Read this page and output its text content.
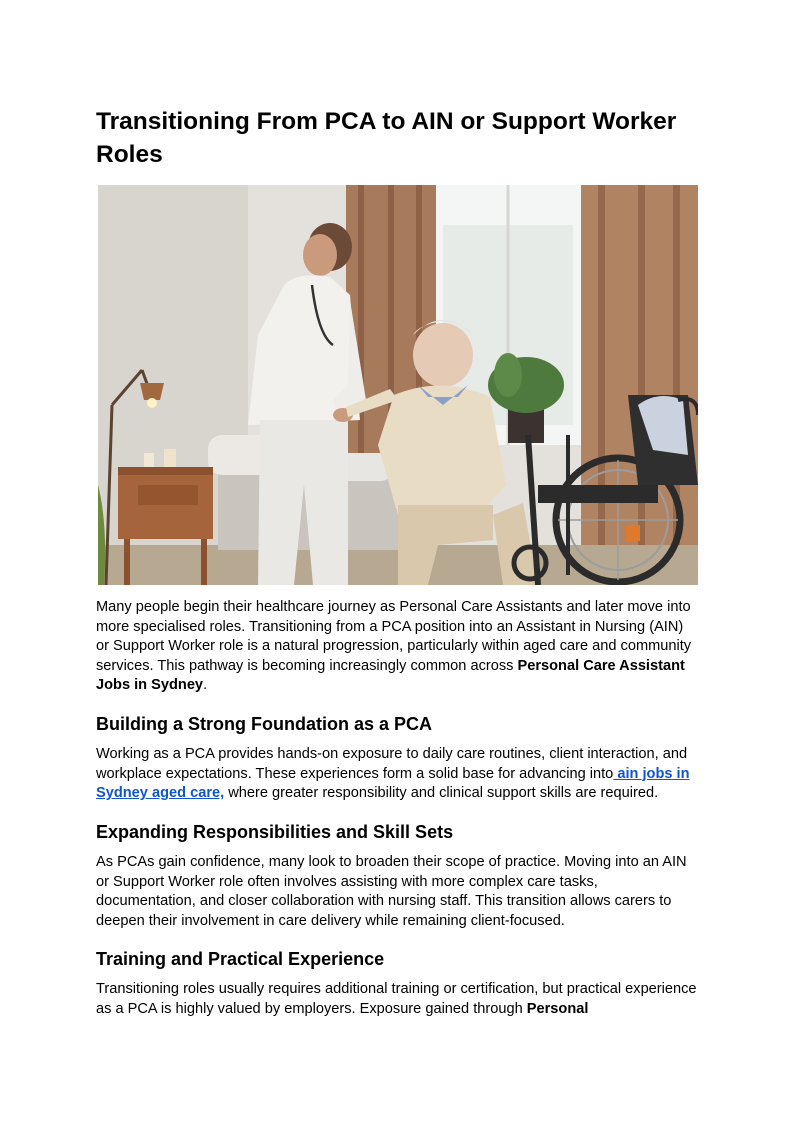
Transitioning From PCA to AIN or Support Worker Roles

Many people begin their healthcare journey as Personal Care Assistants and later move into more specialised roles. Transitioning from a PCA position into an Assistant in Nursing (AIN) or Support Worker role is a natural progression, particularly within aged care and community services. This pathway is becoming increasingly common across Personal Care Assistant Jobs in Sydney.

Building a Strong Foundation as a PCA

Working as a PCA provides hands-on exposure to daily care routines, client interaction, and workplace expectations. These experiences form a solid base for advancing into ain jobs in Sydney aged care, where greater responsibility and clinical support skills are required.

Expanding Responsibilities and Skill Sets

As PCAs gain confidence, many look to broaden their scope of practice. Moving into an AIN or Support Worker role often involves assisting with more complex care tasks, documentation, and closer collaboration with nursing staff. This transition allows carers to deepen their involvement in care delivery while remaining client-focused.

Training and Practical Experience

Transitioning roles usually requires additional training or certification, but practical experience as a PCA is highly valued by employers. Exposure gained through Personal
